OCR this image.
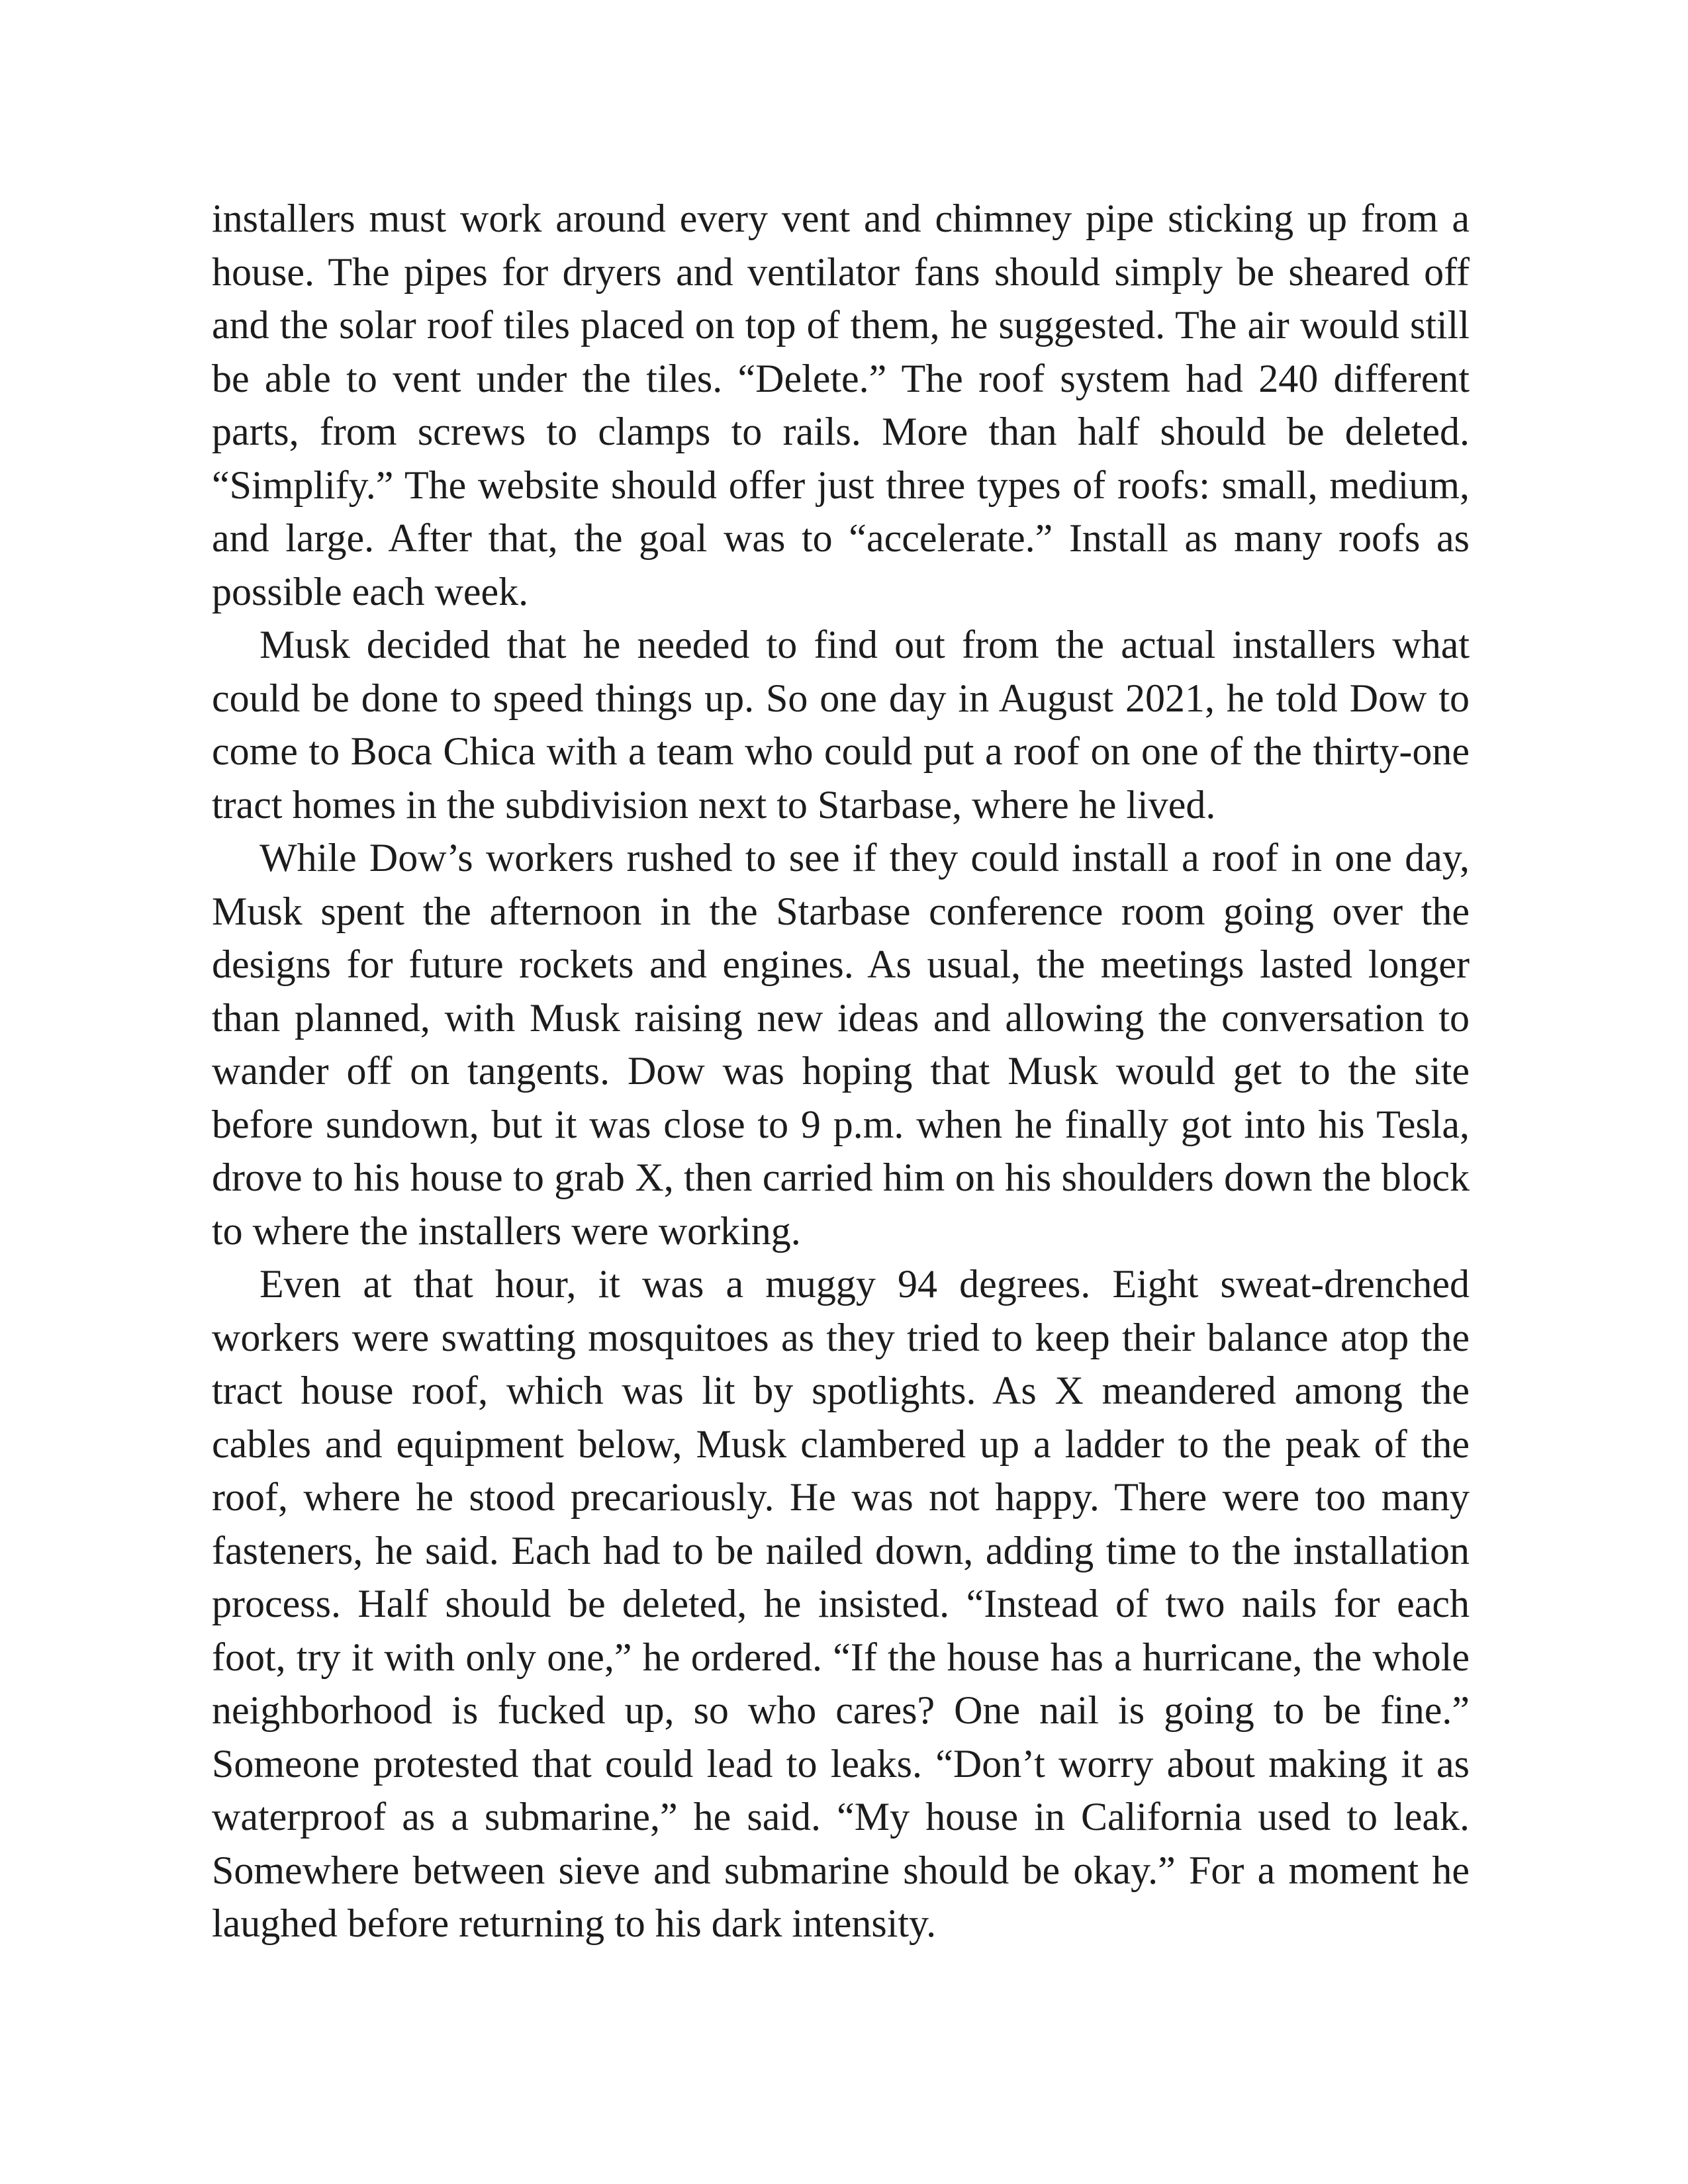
installers must work around every vent and chimney pipe sticking up from a house. The pipes for dryers and ventilator fans should simply be sheared off and the solar roof tiles placed on top of them, he suggested. The air would still be able to vent under the tiles. “Delete.” The roof system had 240 different parts, from screws to clamps to rails. More than half should be deleted. “Simplify.” The website should offer just three types of roofs: small, medium, and large. After that, the goal was to “accelerate.” Install as many roofs as possible each week.

Musk decided that he needed to find out from the actual installers what could be done to speed things up. So one day in August 2021, he told Dow to come to Boca Chica with a team who could put a roof on one of the thirty-one tract homes in the subdivision next to Starbase, where he lived.

While Dow’s workers rushed to see if they could install a roof in one day, Musk spent the afternoon in the Starbase conference room going over the designs for future rockets and engines. As usual, the meetings lasted longer than planned, with Musk raising new ideas and allowing the conversation to wander off on tangents. Dow was hoping that Musk would get to the site before sundown, but it was close to 9 p.m. when he finally got into his Tesla, drove to his house to grab X, then carried him on his shoulders down the block to where the installers were working.

Even at that hour, it was a muggy 94 degrees. Eight sweat-drenched workers were swatting mosquitoes as they tried to keep their balance atop the tract house roof, which was lit by spotlights. As X meandered among the cables and equipment below, Musk clambered up a ladder to the peak of the roof, where he stood precariously. He was not happy. There were too many fasteners, he said. Each had to be nailed down, adding time to the installation process. Half should be deleted, he insisted. “Instead of two nails for each foot, try it with only one,” he ordered. “If the house has a hurricane, the whole neighborhood is fucked up, so who cares? One nail is going to be fine.” Someone protested that could lead to leaks. “Don’t worry about making it as waterproof as a submarine,” he said. “My house in California used to leak. Somewhere between sieve and submarine should be okay.” For a moment he laughed before returning to his dark intensity.
